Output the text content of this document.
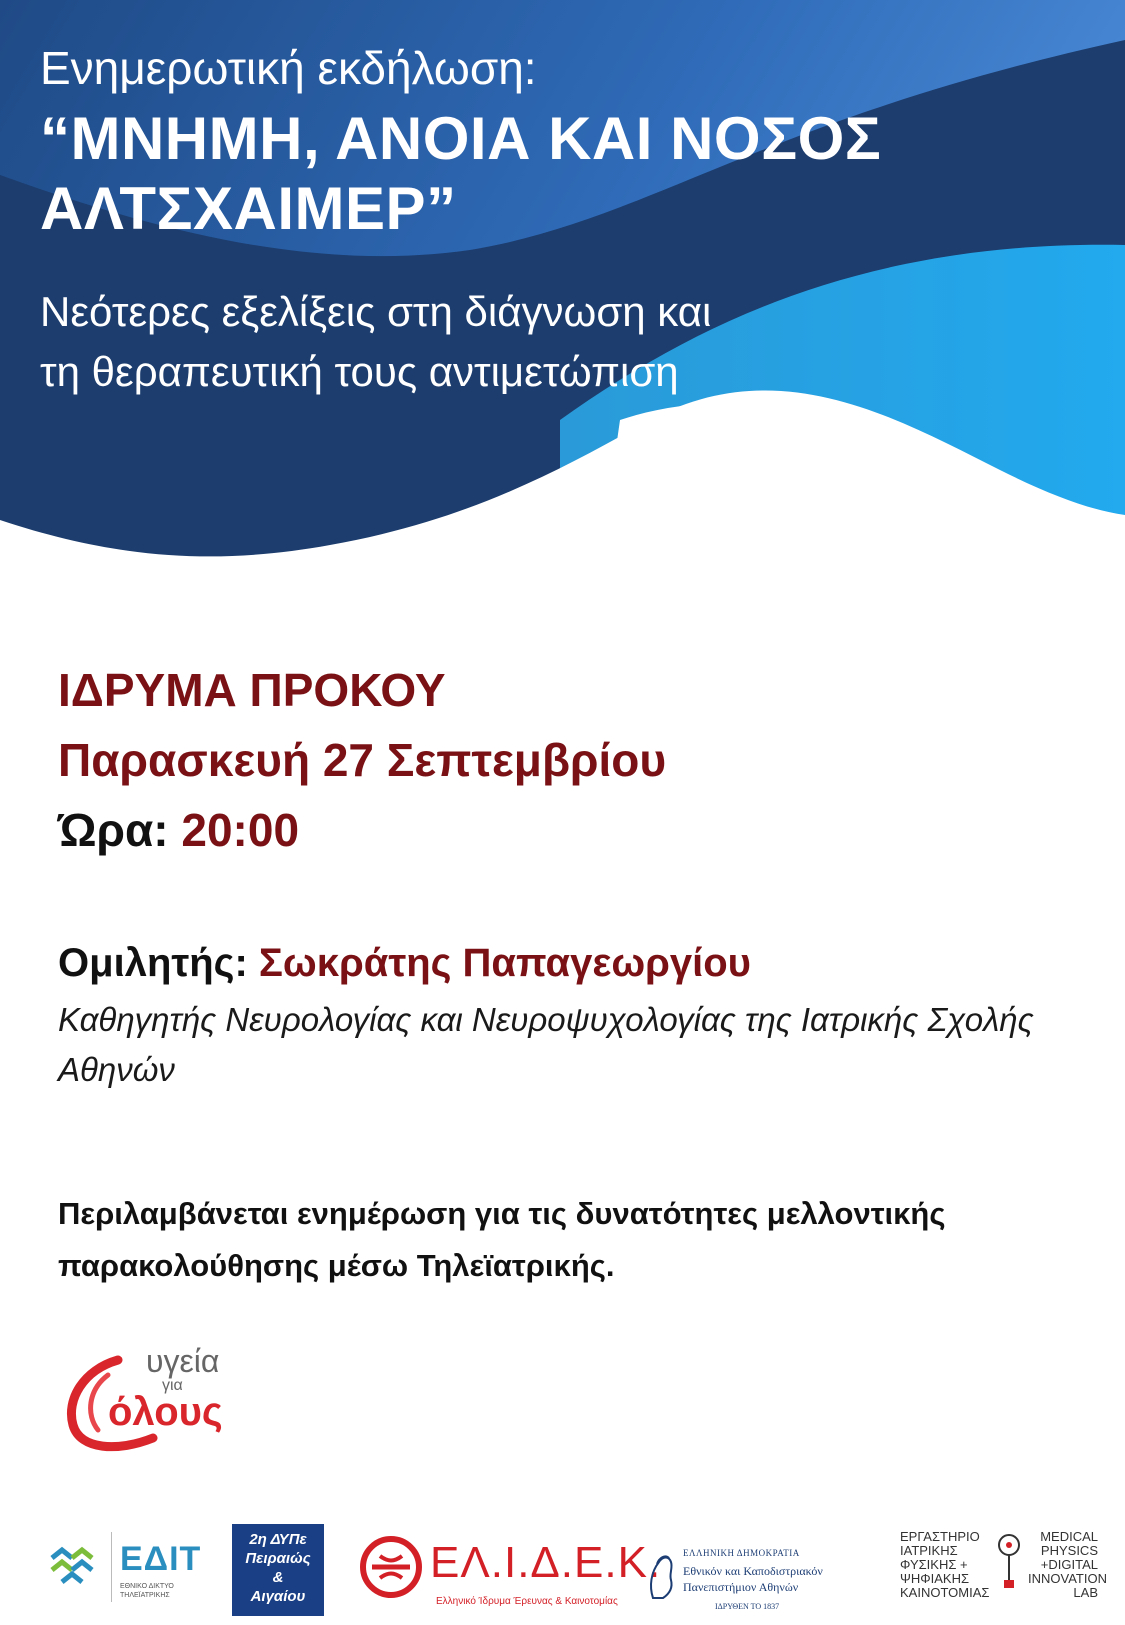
Ενημερωτική εκδήλωση:

“ΜΝΗΜΗ, ΑΝΟΙΑ ΚΑΙ ΝΟΣΟΣ ΑΛΤΣΧΑΙΜΕΡ”

Νεότερες εξελίξεις στη διάγνωση και τη θεραπευτική τους αντιμετώπιση

ΙΔΡΥΜΑ ΠΡΟΚΟΥ

Παρασκευή 27 Σεπτεμβρίου

Ώρα: 20:00

Ομιλητής: Σωκράτης Παπαγεωργίου

Καθηγητής Νευρολογίας και Νευροψυχολογίας της Ιατρικής Σχολής Αθηνών

Περιλαμβάνεται ενημέρωση για τις δυνατότητες μελλοντικής παρακολούθησης μέσω Τηλεϊατρικής.

υγεία
για
όλους
ΕΔΙΤ
ΕΘΝΙΚΟ ΔΙΚΤΥΟ ΤΗΛΕΪΑΤΡΙΚΗΣ
2η ΔΥΠε
Πειραιώς
&
Αιγαίου
ΕΛ.Ι.Δ.Ε.Κ.
Ελληνικό Ίδρυμα Έρευνας & Καινοτομίας
ΕΛΛΗΝΙΚΗ ΔΗΜΟΚΡΑΤΙΑ
Εθνικόν και Καποδιστριακόν
Πανεπιστήμιον Αθηνών
ΙΔΡΥΘΕΝ ΤΟ 1837
ΕΡΓΑΣΤΗΡΙΟ
ΙΑΤΡΙΚΗΣ
ΦΥΣΙΚΗΣ +
ΨΗΦΙΑΚΗΣ
ΚΑΙΝΟΤΟΜΙΑΣ
MEDICAL
PHYSICS
+DIGITAL
INNOVATION
LAB
